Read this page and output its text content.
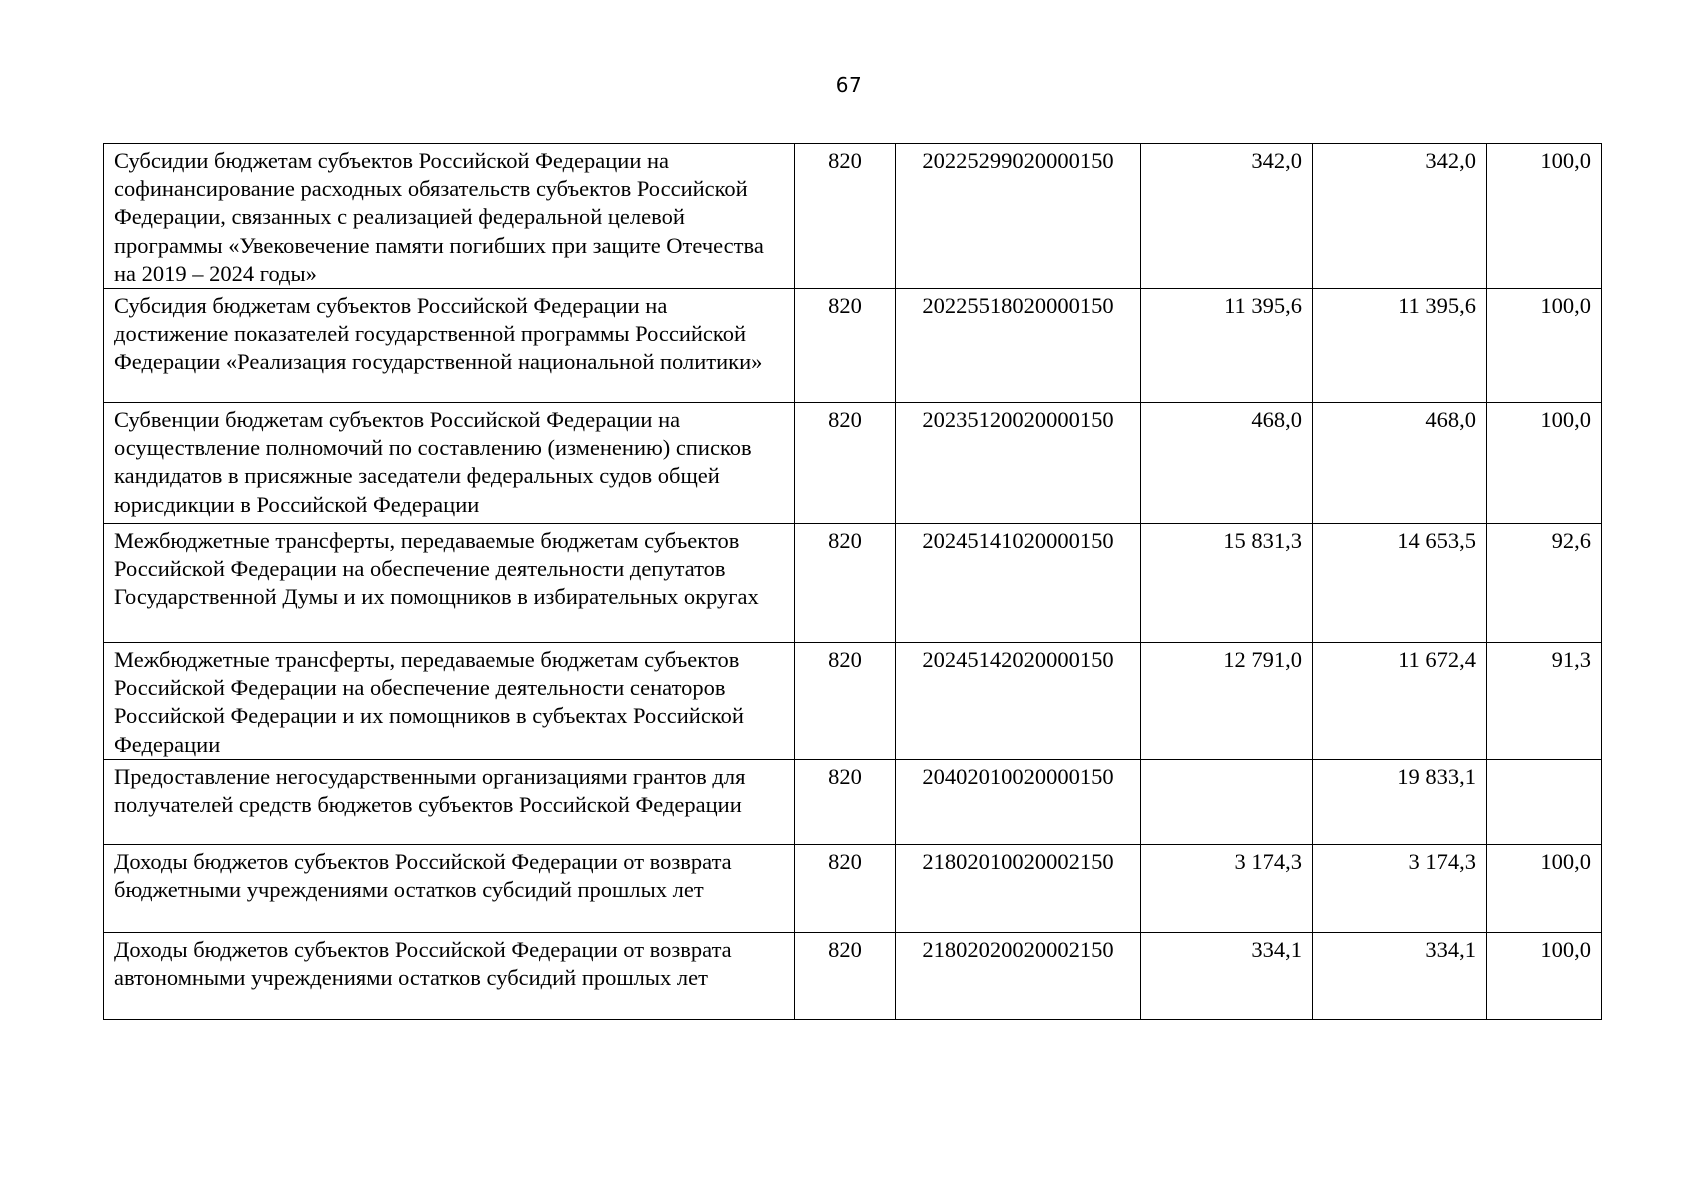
67
Субсидии бюджетам субъектов Российской Федерации на софинансирование расходных обязательств субъектов Российской Федерации, связанных с реализацией федеральной целевой программы «Увековечение памяти погибших при защите Отечества на 2019 – 2024 годы»	820	20225299020000150	342,0	342,0	100,0
Субсидия бюджетам субъектов Российской Федерации на достижение показателей государственной программы Российской Федерации «Реализация государственной национальной политики»	820	20225518020000150	11 395,6	11 395,6	100,0
Субвенции бюджетам субъектов Российской Федерации на осуществление полномочий по составлению (изменению) списков кандидатов в присяжные заседатели федеральных судов общей юрисдикции в Российской Федерации	820	20235120020000150	468,0	468,0	100,0
Межбюджетные трансферты, передаваемые бюджетам субъектов Российской Федерации на обеспечение деятельности депутатов Государственной Думы и их помощников в избирательных округах	820	20245141020000150	15 831,3	14 653,5	92,6
Межбюджетные трансферты, передаваемые бюджетам субъектов Российской Федерации на обеспечение деятельности сенаторов Российской Федерации и их помощников в субъектах Российской Федерации	820	20245142020000150	12 791,0	11 672,4	91,3
Предоставление негосударственными организациями грантов для получателей средств бюджетов субъектов Российской Федерации	820	20402010020000150		19 833,1	
Доходы бюджетов субъектов Российской Федерации от возврата бюджетными учреждениями остатков субсидий прошлых лет	820	21802010020002150	3 174,3	3 174,3	100,0
Доходы бюджетов субъектов Российской Федерации от возврата автономными учреждениями остатков субсидий прошлых лет	820	21802020020002150	334,1	334,1	100,0
